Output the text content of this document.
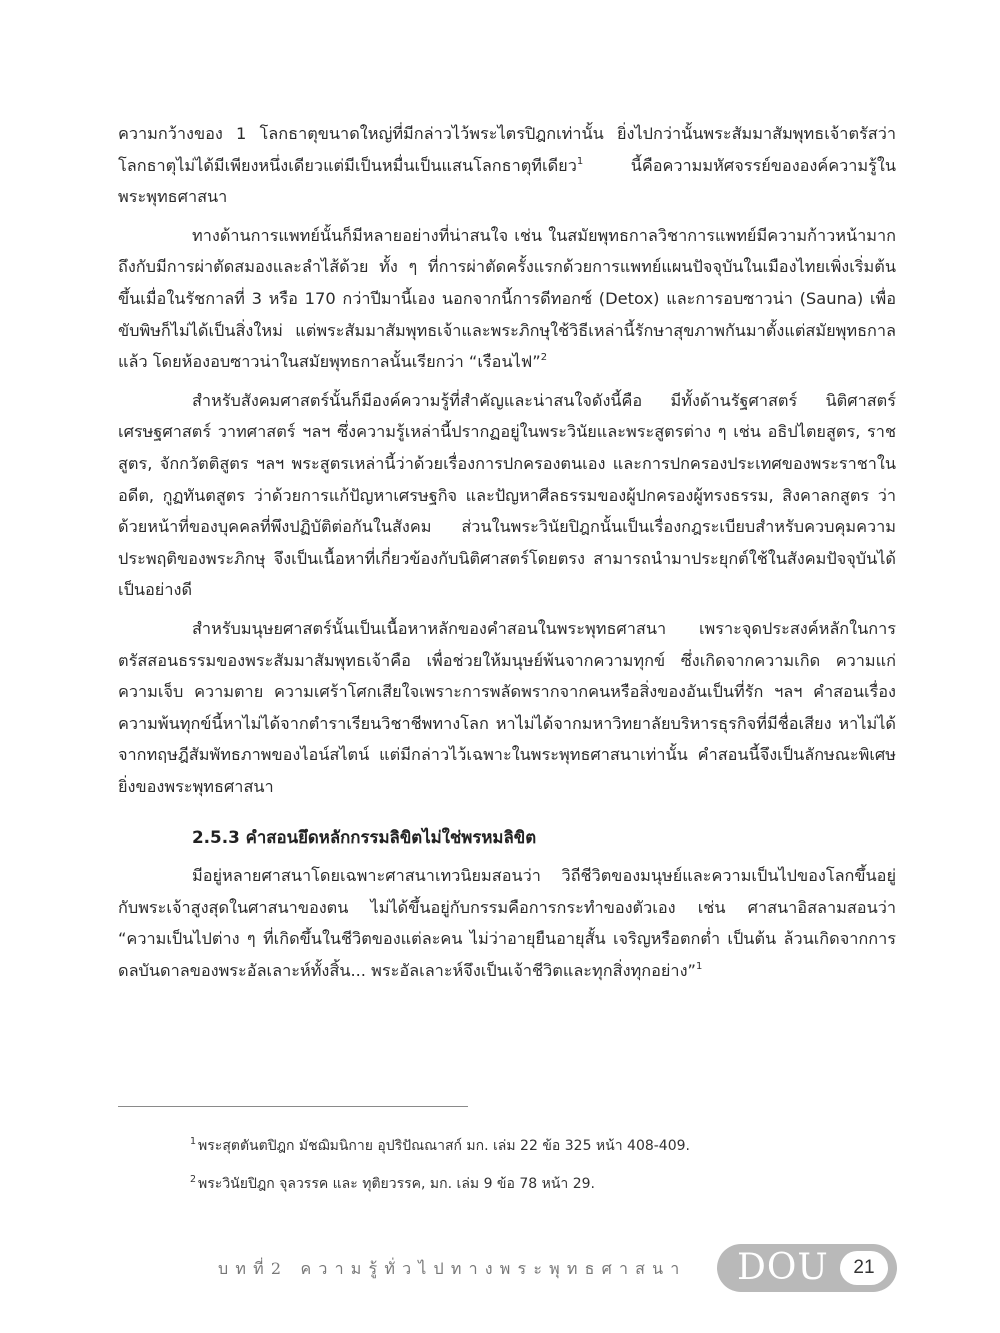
ความกว้างของ 1 โลกธาตุขนาดใหญ่ที่มีกล่าวไว้พระไตรปิฎกเท่านั้น ยิ่งไปกว่านั้นพระสัมมาสัมพุทธเจ้าตรัสว่าโลกธาตุไม่ได้มีเพียงหนึ่งเดียวแต่มีเป็นหมื่นเป็นแสนโลกธาตุทีเดียว$^1$ นี้คือความมหัศจรรย์ขององค์ความรู้ในพระพุทธศาสนา

ทางด้านการแพทย์นั้นก็มีหลายอย่างที่น่าสนใจ เช่น ในสมัยพุทธกาลวิชาการแพทย์มีความก้าวหน้ามากถึงกับมีการผ่าตัดสมองและลำไส้ด้วย ทั้ง ๆ ที่การผ่าตัดครั้งแรกด้วยการแพทย์แผนปัจจุบันในเมืองไทยเพิ่งเริ่มต้นขึ้นเมื่อในรัชกาลที่ 3 หรือ 170 กว่าปีมานี้เอง นอกจากนี้การดีทอกซ์ (Detox) และการอบซาวน่า (Sauna) เพื่อขับพิษก็ไม่ได้เป็นสิ่งใหม่ แต่พระสัมมาสัมพุทธเจ้าและพระภิกษุใช้วิธีเหล่านี้รักษาสุขภาพกันมาตั้งแต่สมัยพุทธกาลแล้ว โดยห้องอบซาวน่าในสมัยพุทธกาลนั้นเรียกว่า “เรือนไฟ”$^2$

สำหรับสังคมศาสตร์นั้นก็มีองค์ความรู้ที่สำคัญและน่าสนใจดังนี้คือ มีทั้งด้านรัฐศาสตร์ นิติศาสตร์ เศรษฐศาสตร์ วาทศาสตร์ ฯลฯ ซึ่งความรู้เหล่านี้ปรากฏอยู่ในพระวินัยและพระสูตรต่าง ๆ เช่น อธิปไตยสูตร, ราชสูตร, จักกวัตติสูตร ฯลฯ พระสูตรเหล่านี้ว่าด้วยเรื่องการปกครองตนเอง และการปกครองประเทศของพระราชาในอดีต, กูฏทันตสูตร ว่าด้วยการแก้ปัญหาเศรษฐกิจ และปัญหาศีลธรรมของผู้ปกครองผู้ทรงธรรม, สิงคาลกสูตร ว่าด้วยหน้าที่ของบุคคลที่พึงปฏิบัติต่อกันในสังคม ส่วนในพระวินัยปิฎกนั้นเป็นเรื่องกฎระเบียบสำหรับควบคุมความประพฤติของพระภิกษุ จึงเป็นเนื้อหาที่เกี่ยวข้องกับนิติศาสตร์โดยตรง สามารถนำมาประยุกต์ใช้ในสังคมปัจจุบันได้เป็นอย่างดี

สำหรับมนุษยศาสตร์นั้นเป็นเนื้อหาหลักของคำสอนในพระพุทธศาสนา เพราะจุดประสงค์หลักในการตรัสสอนธรรมของพระสัมมาสัมพุทธเจ้าคือ เพื่อช่วยให้มนุษย์พ้นจากความทุกข์ ซึ่งเกิดจากความเกิด ความแก่ ความเจ็บ ความตาย ความเศร้าโศกเสียใจเพราะการพลัดพรากจากคนหรือสิ่งของอันเป็นที่รัก ฯลฯ คำสอนเรื่องความพ้นทุกข์นี้หาไม่ได้จากตำราเรียนวิชาชีพทางโลก หาไม่ได้จากมหาวิทยาลัยบริหารธุรกิจที่มีชื่อเสียง หาไม่ได้จากทฤษฎีสัมพัทธภาพของไอน์สไตน์ แต่มีกล่าวไว้เฉพาะในพระพุทธศาสนาเท่านั้น คำสอนนี้จึงเป็นลักษณะพิเศษยิ่งของพระพุทธศาสนา

2.5.3 คำสอนยึดหลักกรรมลิขิตไม่ใช่พรหมลิขิต

มีอยู่หลายศาสนาโดยเฉพาะศาสนาเทวนิยมสอนว่า วิถีชีวิตของมนุษย์และความเป็นไปของโลกขึ้นอยู่กับพระเจ้าสูงสุดในศาสนาของตน ไม่ได้ขึ้นอยู่กับกรรมคือการกระทำของตัวเอง เช่น ศาสนาอิสลามสอนว่า “ความเป็นไปต่าง ๆ ที่เกิดขึ้นในชีวิตของแต่ละคน ไม่ว่าอายุยืนอายุสั้น เจริญหรือตกต่ำ เป็นต้น ล้วนเกิดจากการดลบันดาลของพระอัลเลาะห์ทั้งสิ้น... พระอัลเลาะห์จึงเป็นเจ้าชีวิตและทุกสิ่งทุกอย่าง”$^1$

$^1$ พระสุตตันตปิฎก มัชฌิมนิกาย อุปริปัณณาสก์ มก. เล่ม 22 ข้อ 325 หน้า 408-409.
$^2$ พระวินัยปิฎก จุลวรรค และ ทุติยวรรค, มก. เล่ม 9 ข้อ 78 หน้า 29.
บทที่2 ความรู้ทั่วไปทางพระพุทธศาสนา	DOU	21
